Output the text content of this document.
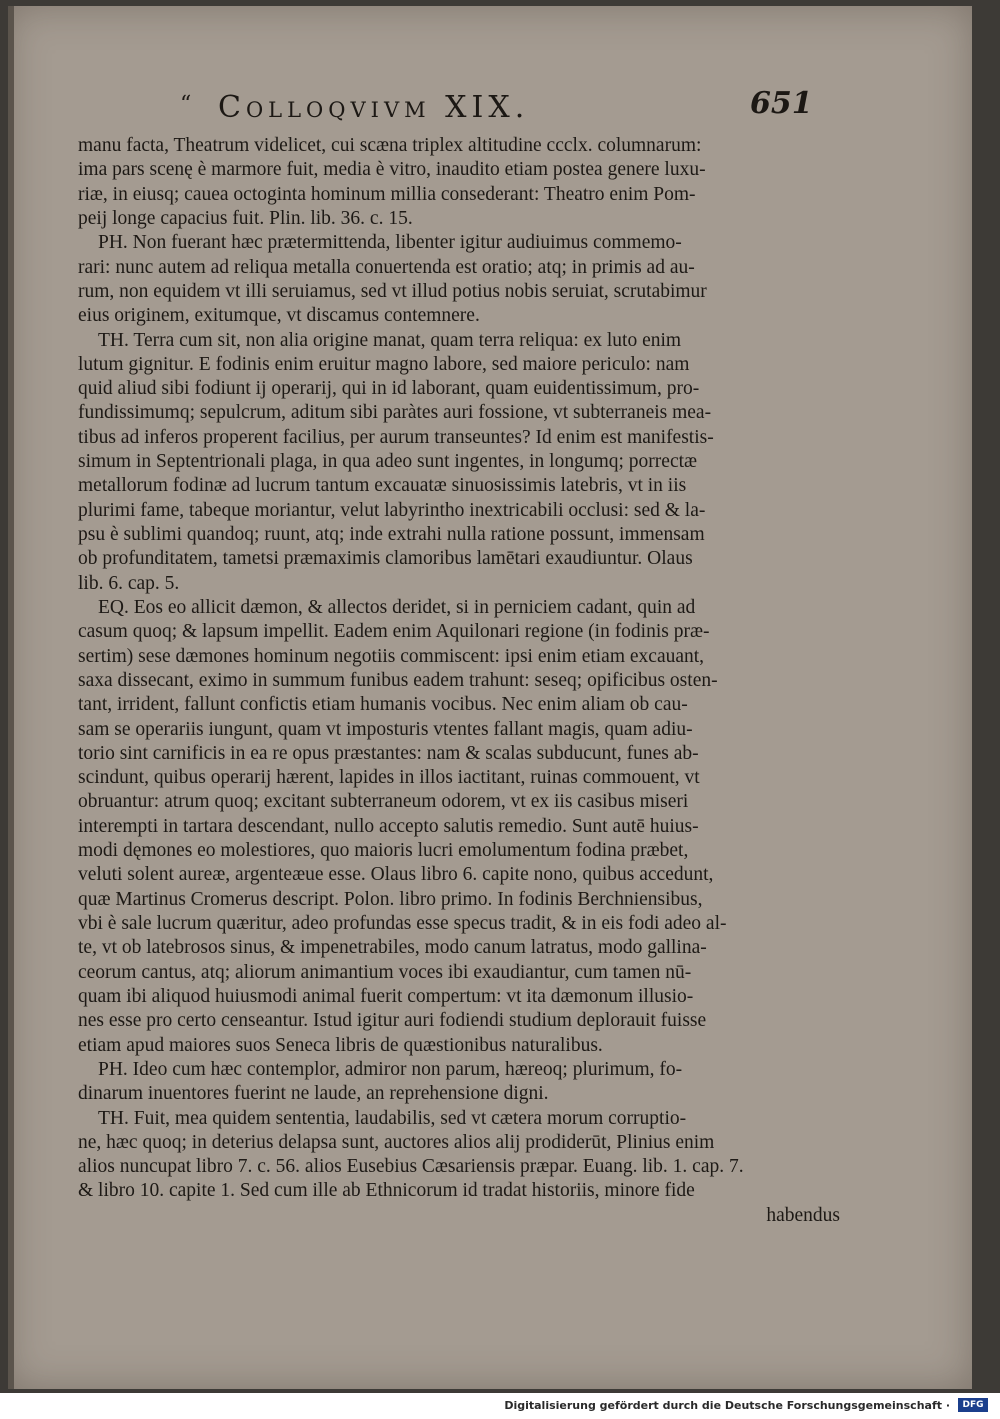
“ Colloqvivm XIX.	651
manu facta, Theatrum videlicet, cui scæna triplex altitudine ccclx. columnarum:
ima pars scenę è marmore fuit, media è vitro, inaudito etiam postea genere luxu-
riæ, in eiusq; cauea octoginta hominum millia consederant: Theatro enim Pom-
peij longe capacius fuit. Plin. lib. 36. c. 15.
PH. Non fuerant hæc prætermittenda, libenter igitur audiuimus commemo-
rari: nunc autem ad reliqua metalla conuertenda est oratio; atq; in primis ad au-
rum, non equidem vt illi seruiamus, sed vt illud potius nobis seruiat, scrutabimur
eius originem, exitumque, vt discamus contemnere.
TH. Terra cum sit, non alia origine manat, quam terra reliqua: ex luto enim
lutum gignitur. E fodinis enim eruitur magno labore, sed maiore periculo: nam
quid aliud sibi fodiunt ij operarij, qui in id laborant, quam euidentissimum, pro-
fundissimumq; sepulcrum, aditum sibi paràtes auri fossione, vt subterraneis mea-
tibus ad inferos properent facilius, per aurum transeuntes? Id enim est manifestis-
simum in Septentrionali plaga, in qua adeo sunt ingentes, in longumq; porrectæ
metallorum fodinæ ad lucrum tantum excauatæ sinuosissimis latebris, vt in iis
plurimi fame, tabeque moriantur, velut labyrintho inextricabili occlusi: sed & la-
psu è sublimi quandoq; ruunt, atq; inde extrahi nulla ratione possunt, immensam
ob profunditatem, tametsi præmaximis clamoribus lamētari exaudiuntur. Olaus
lib. 6. cap. 5.
EQ. Eos eo allicit dæmon, & allectos deridet, si in perniciem cadant, quin ad
casum quoq; & lapsum impellit. Eadem enim Aquilonari regione (in fodinis præ-
sertim) sese dæmones hominum negotiis commiscent: ipsi enim etiam excauant,
saxa dissecant, eximo in summum funibus eadem trahunt: seseq; opificibus osten-
tant, irrident, fallunt confictis etiam humanis vocibus. Nec enim aliam ob cau-
sam se operariis iungunt, quam vt imposturis vtentes fallant magis, quam adiu-
torio sint carnificis in ea re opus præstantes: nam & scalas subducunt, funes ab-
scindunt, quibus operarij hærent, lapides in illos iactitant, ruinas commouent, vt
obruantur: atrum quoq; excitant subterraneum odorem, vt ex iis casibus miseri
interempti in tartara descendant, nullo accepto salutis remedio. Sunt autē huius-
modi dęmones eo molestiores, quo maioris lucri emolumentum fodina præbet,
veluti solent aureæ, argenteæue esse. Olaus libro 6. capite nono, quibus accedunt,
quæ Martinus Cromerus descript. Polon. libro primo. In fodinis Berchniensibus,
vbi è sale lucrum quæritur, adeo profundas esse specus tradit, & in eis fodi adeo al-
te, vt ob latebrosos sinus, & impenetrabiles, modo canum latratus, modo gallina-
ceorum cantus, atq; aliorum animantium voces ibi exaudiantur, cum tamen nū-
quam ibi aliquod huiusmodi animal fuerit compertum: vt ita dæmonum illusio-
nes esse pro certo censeantur. Istud igitur auri fodiendi studium deplorauit fuisse
etiam apud maiores suos Seneca libris de quæstionibus naturalibus.
PH. Ideo cum hæc contemplor, admiror non parum, hæreoq; plurimum, fo-
dinarum inuentores fuerint ne laude, an reprehensione digni.
TH. Fuit, mea quidem sententia, laudabilis, sed vt cætera morum corruptio-
ne, hæc quoq; in deterius delapsa sunt, auctores alios alij prodiderūt, Plinius enim
alios nuncupat libro 7. c. 56. alios Eusebius Cæsariensis præpar. Euang. lib. 1. cap. 7.
& libro 10. capite 1. Sed cum ille ab Ethnicorum id tradat historiis, minore fide
habendus
Digitalisierung gefördert durch die Deutsche Forschungsgemeinschaft ·	DFG
